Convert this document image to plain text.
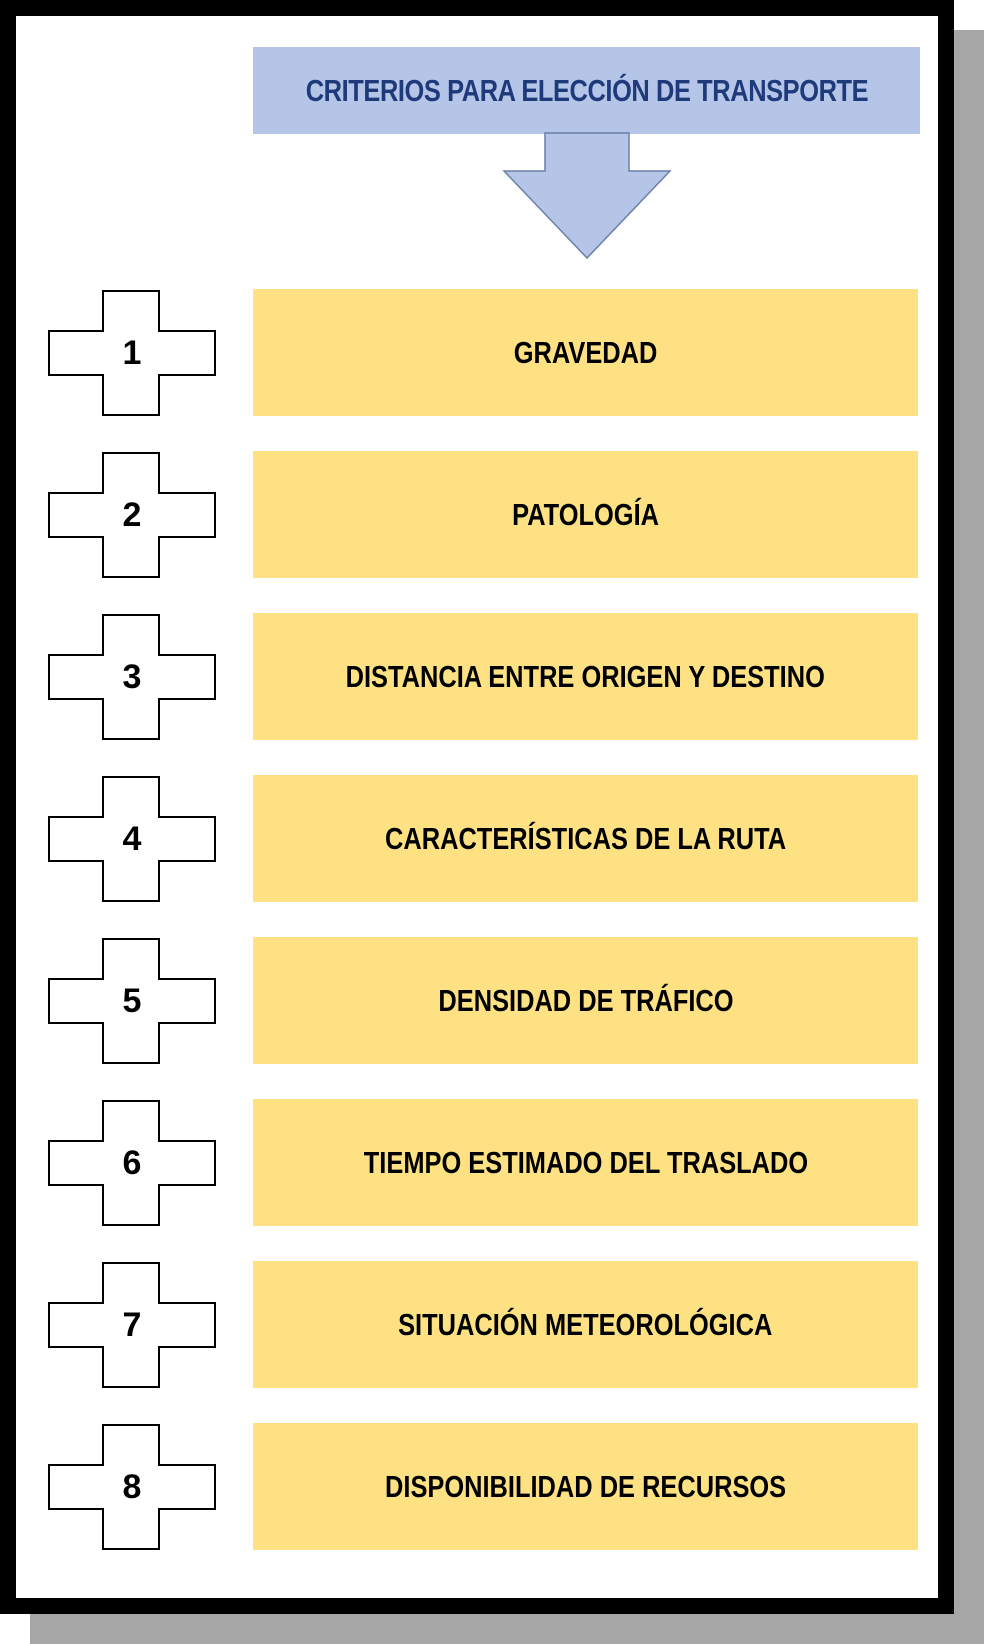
CRITERIOS PARA ELECCIÓN DE TRANSPORTE
1	GRAVEDAD
2	PATOLOGÍA
3	DISTANCIA ENTRE ORIGEN Y DESTINO
4	CARACTERÍSTICAS DE LA RUTA
5	DENSIDAD DE TRÁFICO
6	TIEMPO ESTIMADO DEL TRASLADO
7	SITUACIÓN METEOROLÓGICA
8	DISPONIBILIDAD DE RECURSOS
